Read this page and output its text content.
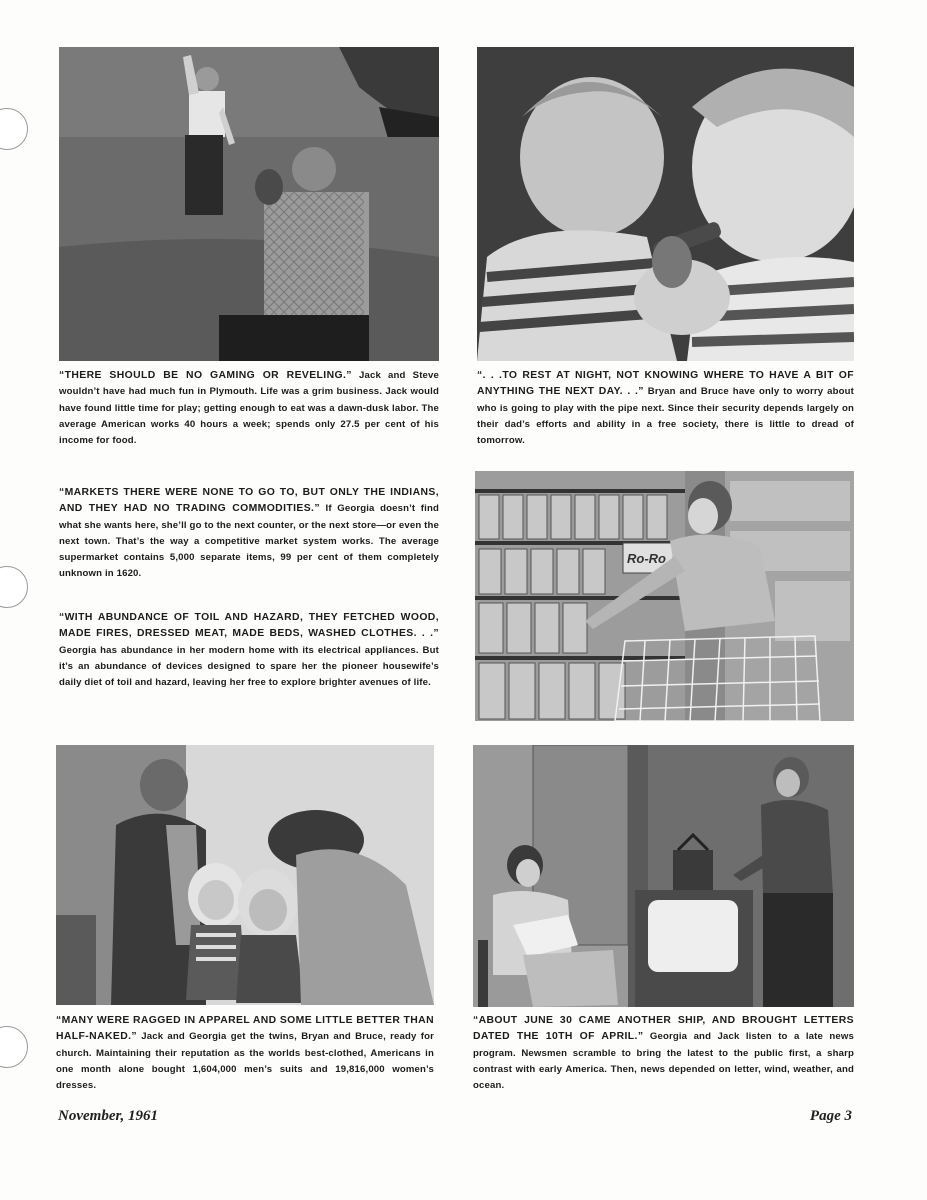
Ro-Ro
“THERE SHOULD BE NO GAMING OR REVELING.” Jack and Steve wouldn’t have had much fun in Plymouth. Life was a grim business. Jack would have found little time for play; getting enough to eat was a dawn-dusk labor. The average American works 40 hours a week; spends only 27.5 per cent of his income for food.
“. . .TO REST AT NIGHT, NOT KNOWING WHERE TO HAVE A BIT OF ANYTHING THE NEXT DAY. . .” Bryan and Bruce have only to worry about who is going to play with the pipe next. Since their security depends largely on their dad’s efforts and ability in a free society, there is little to dread of tomorrow.
“MARKETS THERE WERE NONE TO GO TO, BUT ONLY THE INDIANS, AND THEY HAD NO TRADING COMMODITIES.” If Georgia doesn’t find what she wants here, she’ll go to the next counter, or the next store—or even the next town. That’s the way a competitive market system works. The average supermarket contains 5,000 separate items, 99 per cent of them completely unknown in 1620.
“WITH ABUNDANCE OF TOIL AND HAZARD, THEY FETCHED WOOD, MADE FIRES, DRESSED MEAT, MADE BEDS, WASHED CLOTHES. . .” Georgia has abundance in her modern home with its electrical appliances. But it’s an abundance of devices designed to spare her the pioneer housewife’s daily diet of toil and hazard, leaving her free to explore brighter avenues of life.
“MANY WERE RAGGED IN APPAREL AND SOME LITTLE BETTER THAN HALF-NAKED.” Jack and Georgia get the twins, Bryan and Bruce, ready for church. Maintaining their reputation as the worlds best-clothed, Americans in one month alone bought 1,604,000 men’s suits and 19,816,000 women’s dresses.
“ABOUT JUNE 30 CAME ANOTHER SHIP, AND BROUGHT LETTERS DATED THE 10TH OF APRIL.” Georgia and Jack listen to a late news program. Newsmen scramble to bring the latest to the public first, a sharp contrast with early America. Then, news depended on letter, wind, weather, and ocean.
November, 1961	Page 3
